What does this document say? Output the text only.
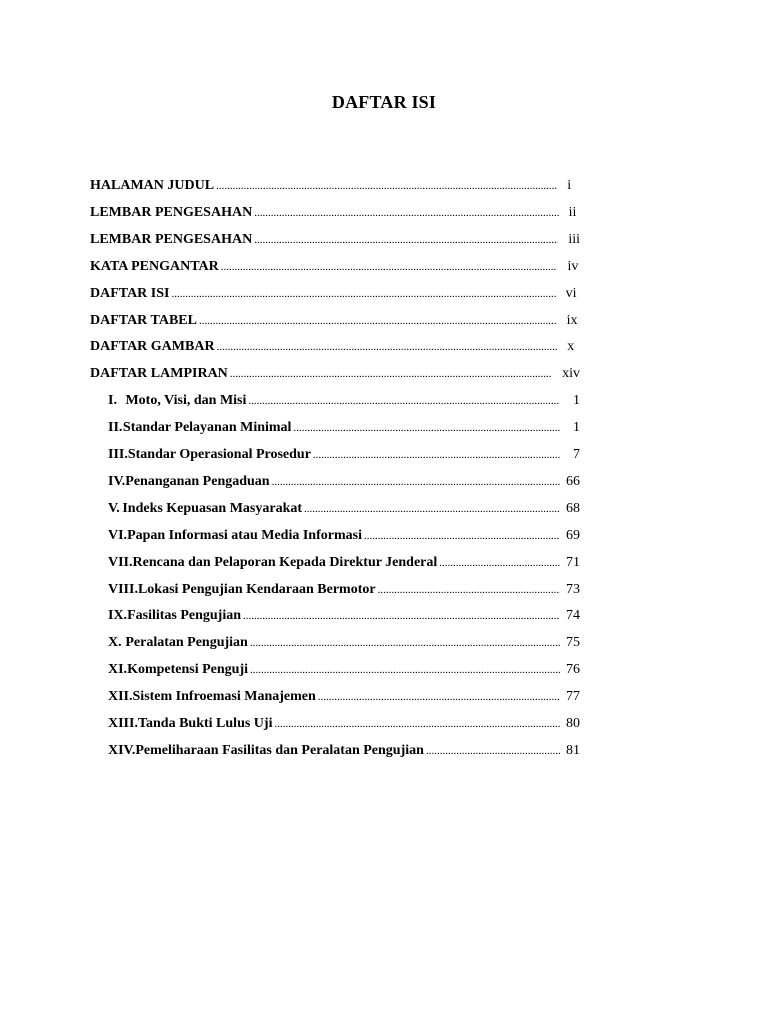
DAFTAR ISI
HALAMAN JUDUL .....	i
LEMBAR PENGESAHAN .....	ii
LEMBAR PENGESAHAN .....	iii
KATA PENGANTAR .....	iv
DAFTAR ISI .....	vi
DAFTAR TABEL .....	ix
DAFTAR GAMBAR .....	x
DAFTAR LAMPIRAN .....	xiv
I. Moto, Visi, dan Misi .....	1
II. Standar Pelayanan Minimal .....	1
III. Standar Operasional Prosedur .....	7
IV. Penanganan Pengaduan .....	66
V. Indeks Kepuasan Masyarakat .....	68
VI. Papan Informasi atau Media Informasi .....	69
VII. Rencana dan Pelaporan Kepada Direktur Jenderal .....	71
VIII. Lokasi Pengujian Kendaraan Bermotor .....	73
IX. Fasilitas Pengujian .....	74
X. Peralatan Pengujian .....	75
XI. Kompetensi Penguji .....	76
XII. Sistem Infroemasi Manajemen .....	77
XIII. Tanda Bukti Lulus Uji .....	80
XIV. Pemeliharaan Fasilitas dan Peralatan Pengujian .....	81
